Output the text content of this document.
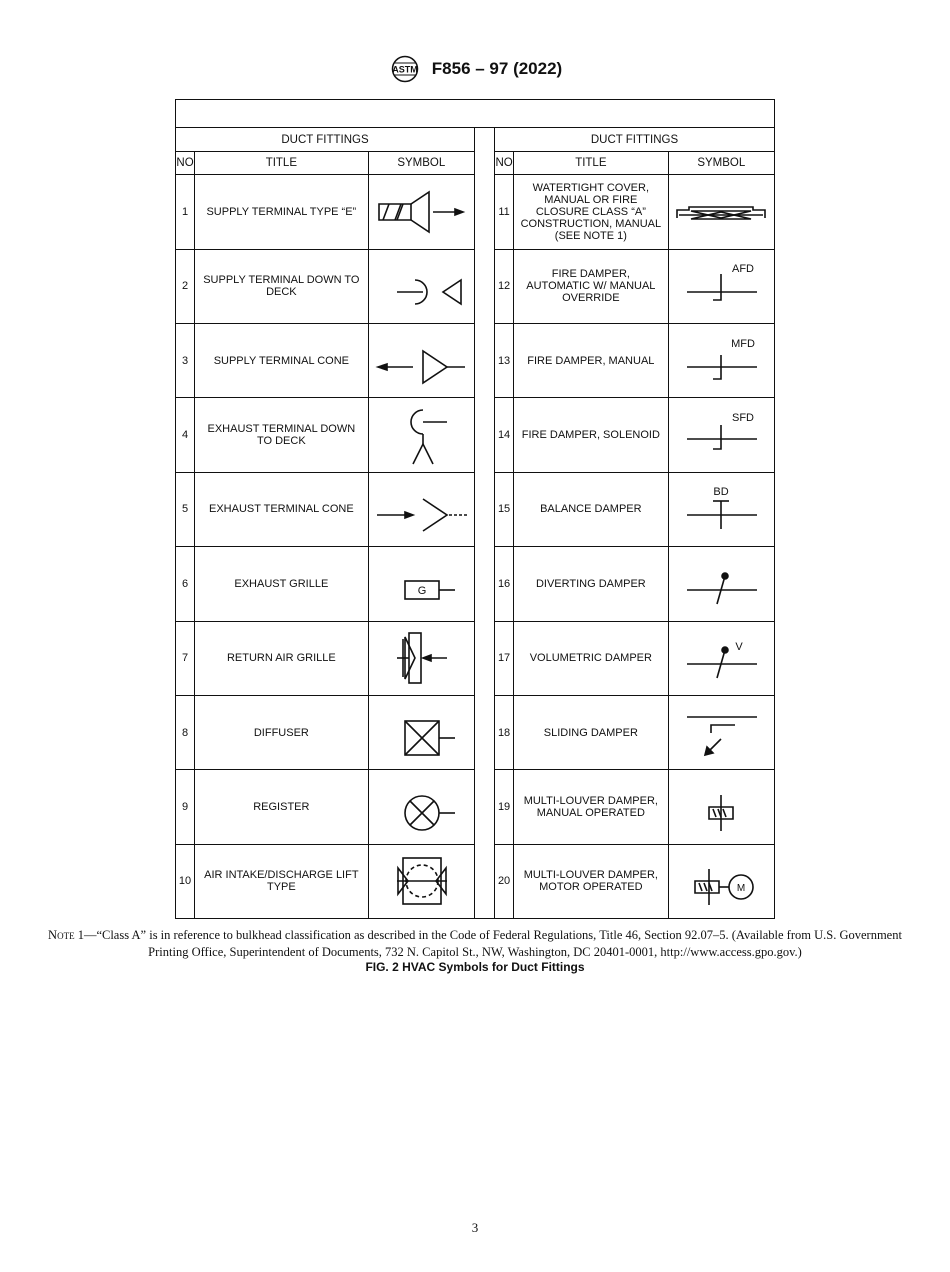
ASTM F856 – 97 (2022)

DUCT FITTINGS				DUCT FITTINGS		
NO	TITLE	SYMBOL		NO	TITLE	SYMBOL
1	SUPPLY TERMINAL TYPE “E”			11	WATERTIGHT COVER, MANUAL OR FIRE CLOSURE CLASS “A” CONSTRUCTION, MANUAL (SEE NOTE 1)	

2	SUPPLY TERMINAL DOWN TO DECK			12	FIRE DAMPER, AUTOMATIC W/ MANUAL OVERRIDE	AFD

3	SUPPLY TERMINAL CONE			13	FIRE DAMPER, MANUAL	MFD

4	EXHAUST TERMINAL DOWN TO DECK			14	FIRE DAMPER, SOLENOID	SFD

5	EXHAUST TERMINAL CONE			15	BALANCE DAMPER	BD

6	EXHAUST GRILLE	G		16	DIVERTING DAMPER	

7	RETURN AIR GRILLE			17	VOLUMETRIC DAMPER	V

8	DIFFUSER			18	SLIDING DAMPER	

9	REGISTER			19	MULTI-LOUVER DAMPER, MANUAL OPERATED	

10	AIR INTAKE/DISCHARGE LIFT TYPE			20	MULTI-LOUVER DAMPER, MOTOR OPERATED	M
Note 1—“Class A” is in reference to bulkhead classification as described in the Code of Federal Regulations, Title 46, Section 92.07–5. (Available from U.S. Government Printing Office, Superintendent of Documents, 732 N. Capitol St., NW, Washington, DC 20401-0001, http://www.access.gpo.gov.)
FIG. 2 HVAC Symbols for Duct Fittings
3
